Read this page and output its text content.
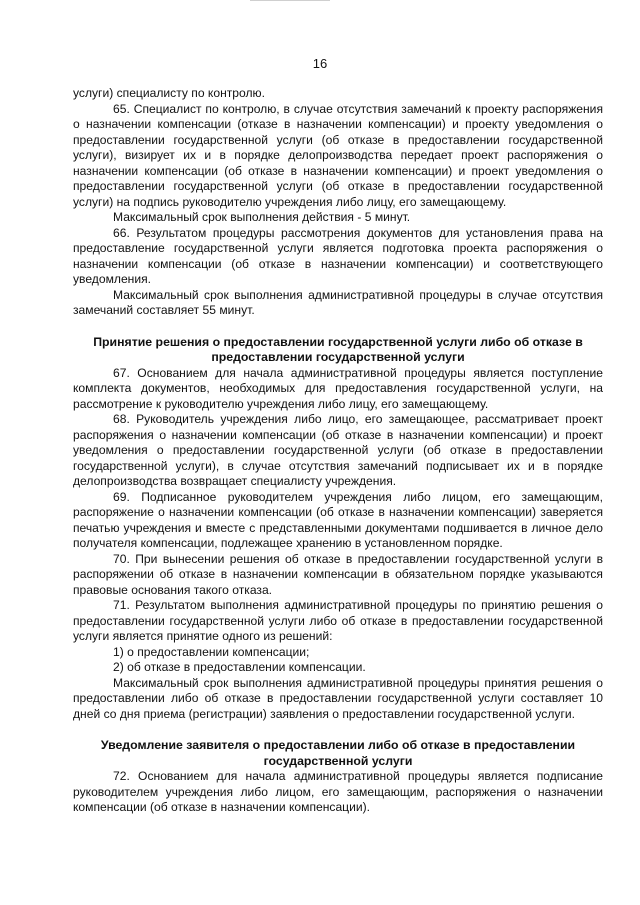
16

услуги) специалисту по контролю.

65. Специалист по контролю, в случае отсутствия замечаний к проекту распоряжения о назначении компенсации (отказе в назначении компенсации) и проекту уведомления о предоставлении государственной услуги (об отказе в предоставлении государственной услуги), визирует их и в порядке делопроизводства передает проект распоряжения о назначении компенсации (об отказе в назначении компенсации) и проект уведомления о предоставлении государственной услуги (об отказе в предоставлении государственной услуги) на подпись руководителю учреждения либо лицу, его замещающему.

Максимальный срок выполнения действия - 5 минут.

66. Результатом процедуры рассмотрения документов для установления права на предоставление государственной услуги является подготовка проекта распоряжения о назначении компенсации (об отказе в назначении компенсации) и соответствующего уведомления.

Максимальный срок выполнения административной процедуры в случае отсутствия замечаний составляет 55 минут.

Принятие решения о предоставлении государственной услуги либо об отказе в предоставлении государственной услуги

67. Основанием для начала административной процедуры является поступление комплекта документов, необходимых для предоставления государственной услуги, на рассмотрение к руководителю учреждения либо лицу, его замещающему.

68. Руководитель учреждения либо лицо, его замещающее, рассматривает проект распоряжения о назначении компенсации (об отказе в назначении компенсации) и проект уведомления о предоставлении государственной услуги (об отказе в предоставлении государственной услуги), в случае отсутствия замечаний подписывает их и в порядке делопроизводства возвращает специалисту учреждения.

69. Подписанное руководителем учреждения либо лицом, его замещающим, распоряжение о назначении компенсации (об отказе в назначении компенсации) заверяется печатью учреждения и вместе с представленными документами подшивается в личное дело получателя компенсации, подлежащее хранению в установленном порядке.

70. При вынесении решения об отказе в предоставлении государственной услуги в распоряжении об отказе в назначении компенсации в обязательном порядке указываются правовые основания такого отказа.

71. Результатом выполнения административной процедуры по принятию решения о предоставлении государственной услуги либо об отказе в предоставлении государственной услуги является принятие одного из решений:

1) о предоставлении компенсации;

2) об отказе в предоставлении компенсации.

Максимальный срок выполнения административной процедуры принятия решения о предоставлении либо об отказе в предоставлении государственной услуги составляет 10 дней со дня приема (регистрации) заявления о предоставлении государственной услуги.

Уведомление заявителя о предоставлении либо об отказе в предоставлении государственной услуги

72. Основанием для начала административной процедуры является подписание руководителем учреждения либо лицом, его замещающим, распоряжения о назначении компенсации (об отказе в назначении компенсации).
